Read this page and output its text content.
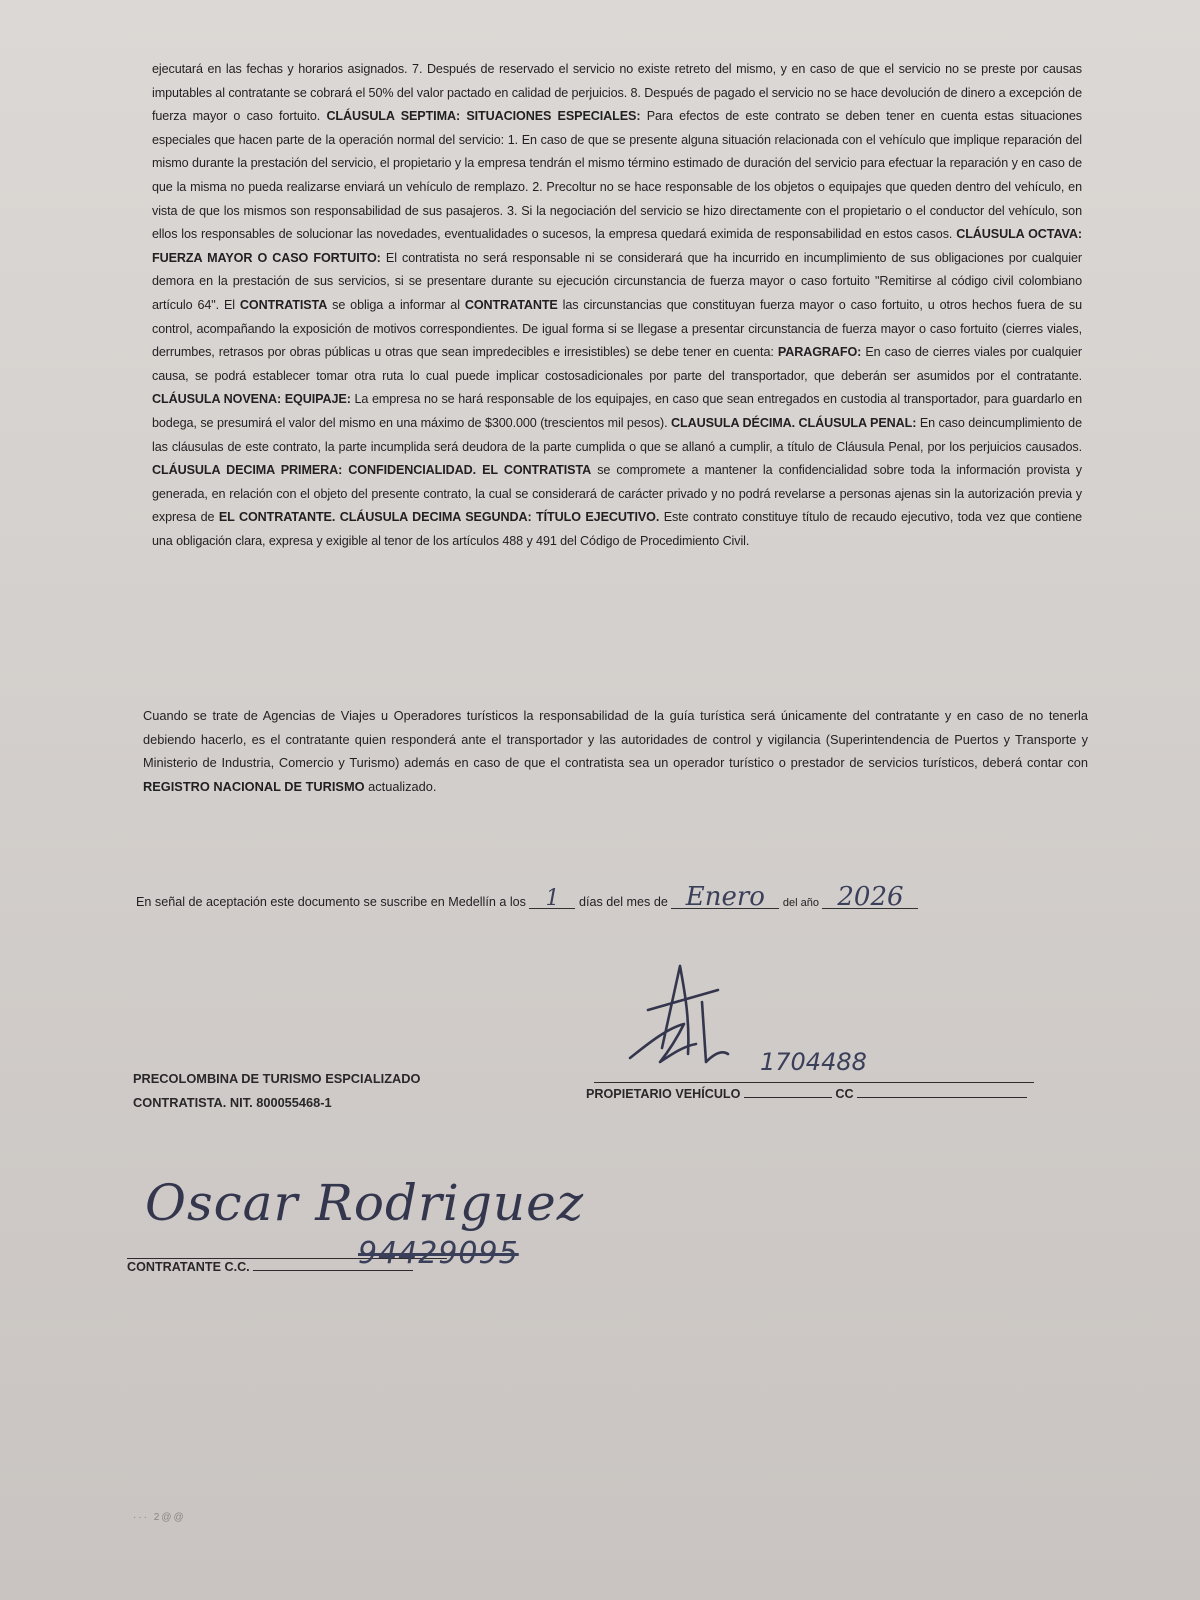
ejecutará en las fechas y horarios asignados. 7. Después de reservado el servicio no existe retreto del mismo, y en caso de que el servicio no se preste por causas imputables al contratante se cobrará el 50% del valor pactado en calidad de perjuicios. 8. Después de pagado el servicio no se hace devolución de dinero a excepción de fuerza mayor o caso fortuito. CLÁUSULA SEPTIMA: SITUACIONES ESPECIALES: Para efectos de este contrato se deben tener en cuenta estas situaciones especiales que hacen parte de la operación normal del servicio: 1. En caso de que se presente alguna situación relacionada con el vehículo que implique reparación del mismo durante la prestación del servicio, el propietario y la empresa tendrán el mismo término estimado de duración del servicio para efectuar la reparación y en caso de que la misma no pueda realizarse enviará un vehículo de remplazo. 2. Precoltur no se hace responsable de los objetos o equipajes que queden dentro del vehículo, en vista de que los mismos son responsabilidad de sus pasajeros. 3. Si la negociación del servicio se hizo directamente con el propietario o el conductor del vehículo, son ellos los responsables de solucionar las novedades, eventualidades o sucesos, la empresa quedará eximida de responsabilidad en estos casos. CLÁUSULA OCTAVA: FUERZA MAYOR O CASO FORTUITO: El contratista no será responsable ni se considerará que ha incurrido en incumplimiento de sus obligaciones por cualquier demora en la prestación de sus servicios, si se presentare durante su ejecución circunstancia de fuerza mayor o caso fortuito "Remitirse al código civil colombiano artículo 64". El CONTRATISTA se obliga a informar al CONTRATANTE las circunstancias que constituyan fuerza mayor o caso fortuito, u otros hechos fuera de su control, acompañando la exposición de motivos correspondientes. De igual forma si se llegase a presentar circunstancia de fuerza mayor o caso fortuito (cierres viales, derrumbes, retrasos por obras públicas u otras que sean impredecibles e irresistibles) se debe tener en cuenta: PARAGRAFO: En caso de cierres viales por cualquier causa, se podrá establecer tomar otra ruta lo cual puede implicar costosadicionales por parte del transportador, que deberán ser asumidos por el contratante. CLÁUSULA NOVENA: EQUIPAJE: La empresa no se hará responsable de los equipajes, en caso que sean entregados en custodia al transportador, para guardarlo en bodega, se presumirá el valor del mismo en una máximo de $300.000 (trescientos mil pesos). CLAUSULA DÉCIMA. CLÁUSULA PENAL: En caso deincumplimiento de las cláusulas de este contrato, la parte incumplida será deudora de la parte cumplida o que se allanó a cumplir, a título de Cláusula Penal, por los perjuicios causados. CLÁUSULA DECIMA PRIMERA: CONFIDENCIALIDAD. EL CONTRATISTA se compromete a mantener la confidencialidad sobre toda la información provista y generada, en relación con el objeto del presente contrato, la cual se considerará de carácter privado y no podrá revelarse a personas ajenas sin la autorización previa y expresa de EL CONTRATANTE. CLÁUSULA DECIMA SEGUNDA: TÍTULO EJECUTIVO. Este contrato constituye título de recaudo ejecutivo, toda vez que contiene una obligación clara, expresa y exigible al tenor de los artículos 488 y 491 del Código de Procedimiento Civil.

Cuando se trate de Agencias de Viajes u Operadores turísticos la responsabilidad de la guía turística será únicamente del contratante y en caso de no tenerla debiendo hacerlo, es el contratante quien responderá ante el transportador y las autoridades de control y vigilancia (Superintendencia de Puertos y Transporte y Ministerio de Industria, Comercio y Turismo) además en caso de que el contratista sea un operador turístico o prestador de servicios turísticos, deberá contar con REGISTRO NACIONAL DE TURISMO actualizado.

En señal de aceptación este documento se suscribe en Medellín a los 1	días del mes de Enero	del año 2026
PRECOLOMBINA DE TURISMO ESPCIALIZADO
CONTRATISTA. NIT. 800055468-1
1704488
PROPIETARIO VEHÍCULO	CC
Oscar Rodriguez
CONTRATANTE C.C.	94429095
··· 2@@
